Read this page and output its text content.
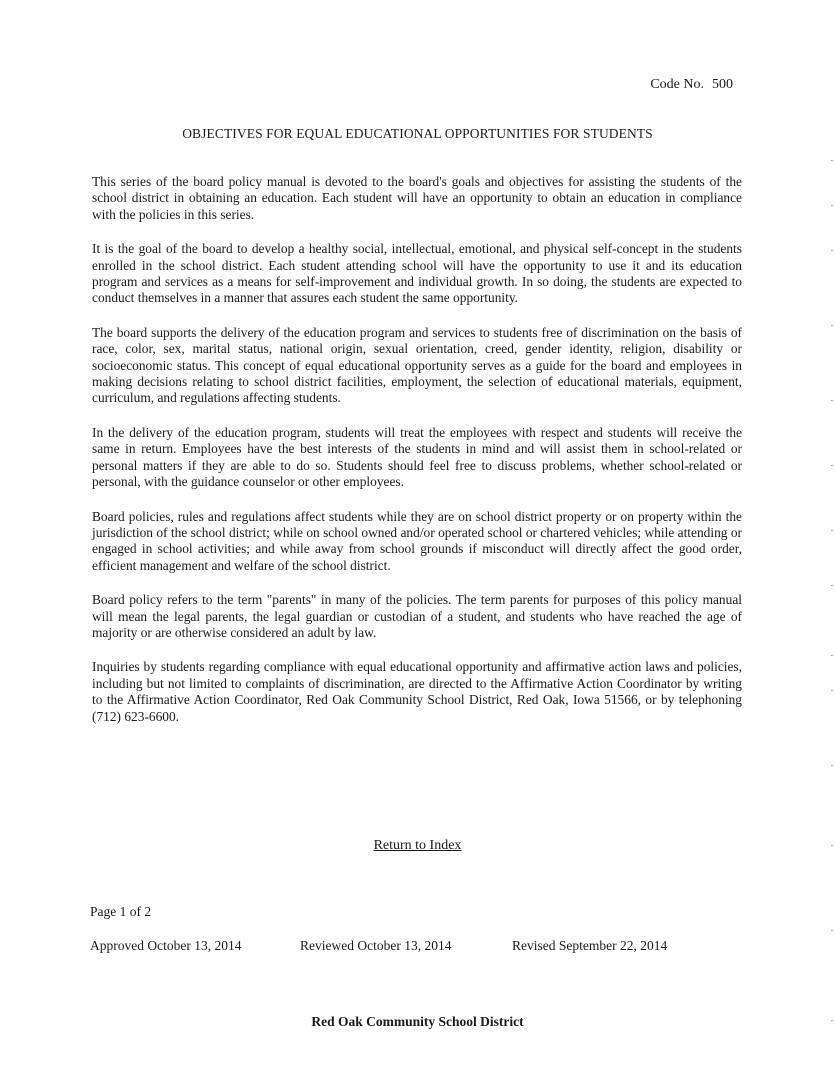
Code No. 500
OBJECTIVES FOR EQUAL EDUCATIONAL OPPORTUNITIES FOR STUDENTS

This series of the board policy manual is devoted to the board's goals and objectives for assisting the students of the school district in obtaining an education. Each student will have an opportunity to obtain an education in compliance with the policies in this series.

It is the goal of the board to develop a healthy social, intellectual, emotional, and physical self-concept in the students enrolled in the school district. Each student attending school will have the opportunity to use it and its education program and services as a means for self-improvement and individual growth. In so doing, the students are expected to conduct themselves in a manner that assures each student the same opportunity.

The board supports the delivery of the education program and services to students free of discrimination on the basis of race, color, sex, marital status, national origin, sexual orientation, creed, gender identity, religion, disability or socioeconomic status. This concept of equal educational opportunity serves as a guide for the board and employees in making decisions relating to school district facilities, employment, the selection of educational materials, equipment, curriculum, and regulations affecting students.

In the delivery of the education program, students will treat the employees with respect and students will receive the same in return. Employees have the best interests of the students in mind and will assist them in school-related or personal matters if they are able to do so. Students should feel free to discuss problems, whether school-related or personal, with the guidance counselor or other employees.

Board policies, rules and regulations affect students while they are on school district property or on property within the jurisdiction of the school district; while on school owned and/or operated school or chartered vehicles; while attending or engaged in school activities; and while away from school grounds if misconduct will directly affect the good order, efficient management and welfare of the school district.

Board policy refers to the term "parents" in many of the policies. The term parents for purposes of this policy manual will mean the legal parents, the legal guardian or custodian of a student, and students who have reached the age of majority or are otherwise considered an adult by law.

Inquiries by students regarding compliance with equal educational opportunity and affirmative action laws and policies, including but not limited to complaints of discrimination, are directed to the Affirmative Action Coordinator by writing to the Affirmative Action Coordinator, Red Oak Community School District, Red Oak, Iowa 51566, or by telephoning (712) 623-6600.

Return to Index
Page 1 of 2
Approved October 13, 2014	Reviewed October 13, 2014	Revised September 22, 2014
Red Oak Community School District
